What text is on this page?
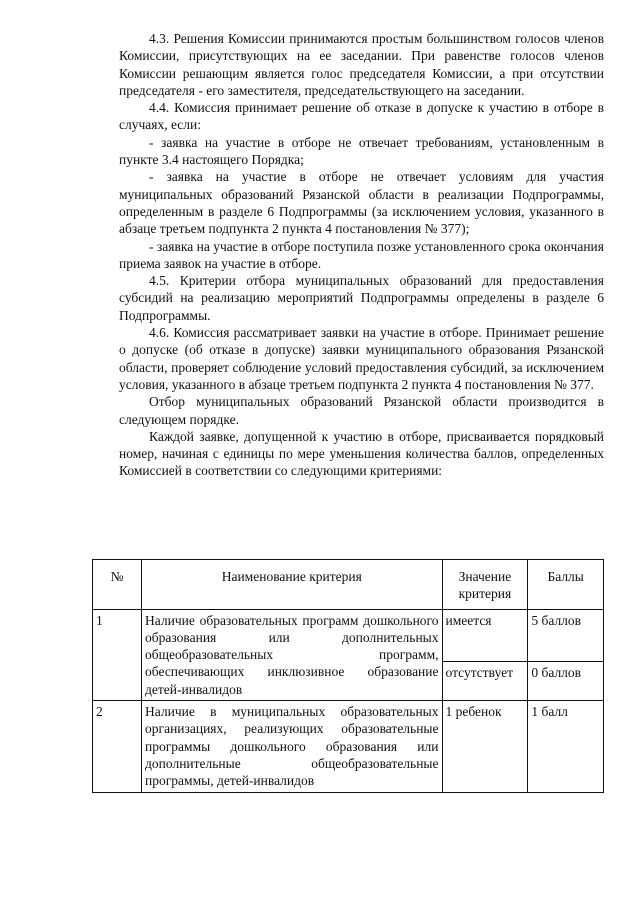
4.3. Решения Комиссии принимаются простым большинством голосов членов Комиссии, присутствующих на ее заседании. При равенстве голосов членов Комиссии решающим является голос председателя Комиссии, а при отсутствии председателя - его заместителя, председательствующего на заседании.

4.4. Комиссия принимает решение об отказе в допуске к участию в отборе в случаях, если:

- заявка на участие в отборе не отвечает требованиям, установленным в пункте 3.4 настоящего Порядка;

- заявка на участие в отборе не отвечает условиям для участия муниципальных образований Рязанской области в реализации Подпрограммы, определенным в разделе 6 Подпрограммы (за исключением условия, указанного в абзаце третьем подпункта 2 пункта 4 постановления № 377);

- заявка на участие в отборе поступила позже установленного срока окончания приема заявок на участие в отборе.

4.5. Критерии отбора муниципальных образований для предоставления субсидий на реализацию мероприятий Подпрограммы определены в разделе 6 Подпрограммы.

4.6. Комиссия рассматривает заявки на участие в отборе. Принимает решение о допуске (об отказе в допуске) заявки муниципального образования Рязанской области, проверяет соблюдение условий предоставления субсидий, за исключением условия, указанного в абзаце третьем подпункта 2 пункта 4 постановления № 377.

Отбор муниципальных образований Рязанской области производится в следующем порядке.

Каждой заявке, допущенной к участию в отборе, присваивается порядковый номер, начиная с единицы по мере уменьшения количества баллов, определенных Комиссией в соответствии со следующими критериями:

№	Наименование критерия	Значение критерия	Баллы
1	Наличие образовательных программ дошкольного образования или дополнительных общеобразовательных программ, обеспечивающих инклюзивное образование детей-инвалидов	имеется	5 баллов
		отсутствует	0 баллов
2	Наличие в муниципальных образовательных организациях, реализующих образовательные программы дошкольного образования или дополнительные общеобразовательные программы, детей-инвалидов	1 ребенок	1 балл
